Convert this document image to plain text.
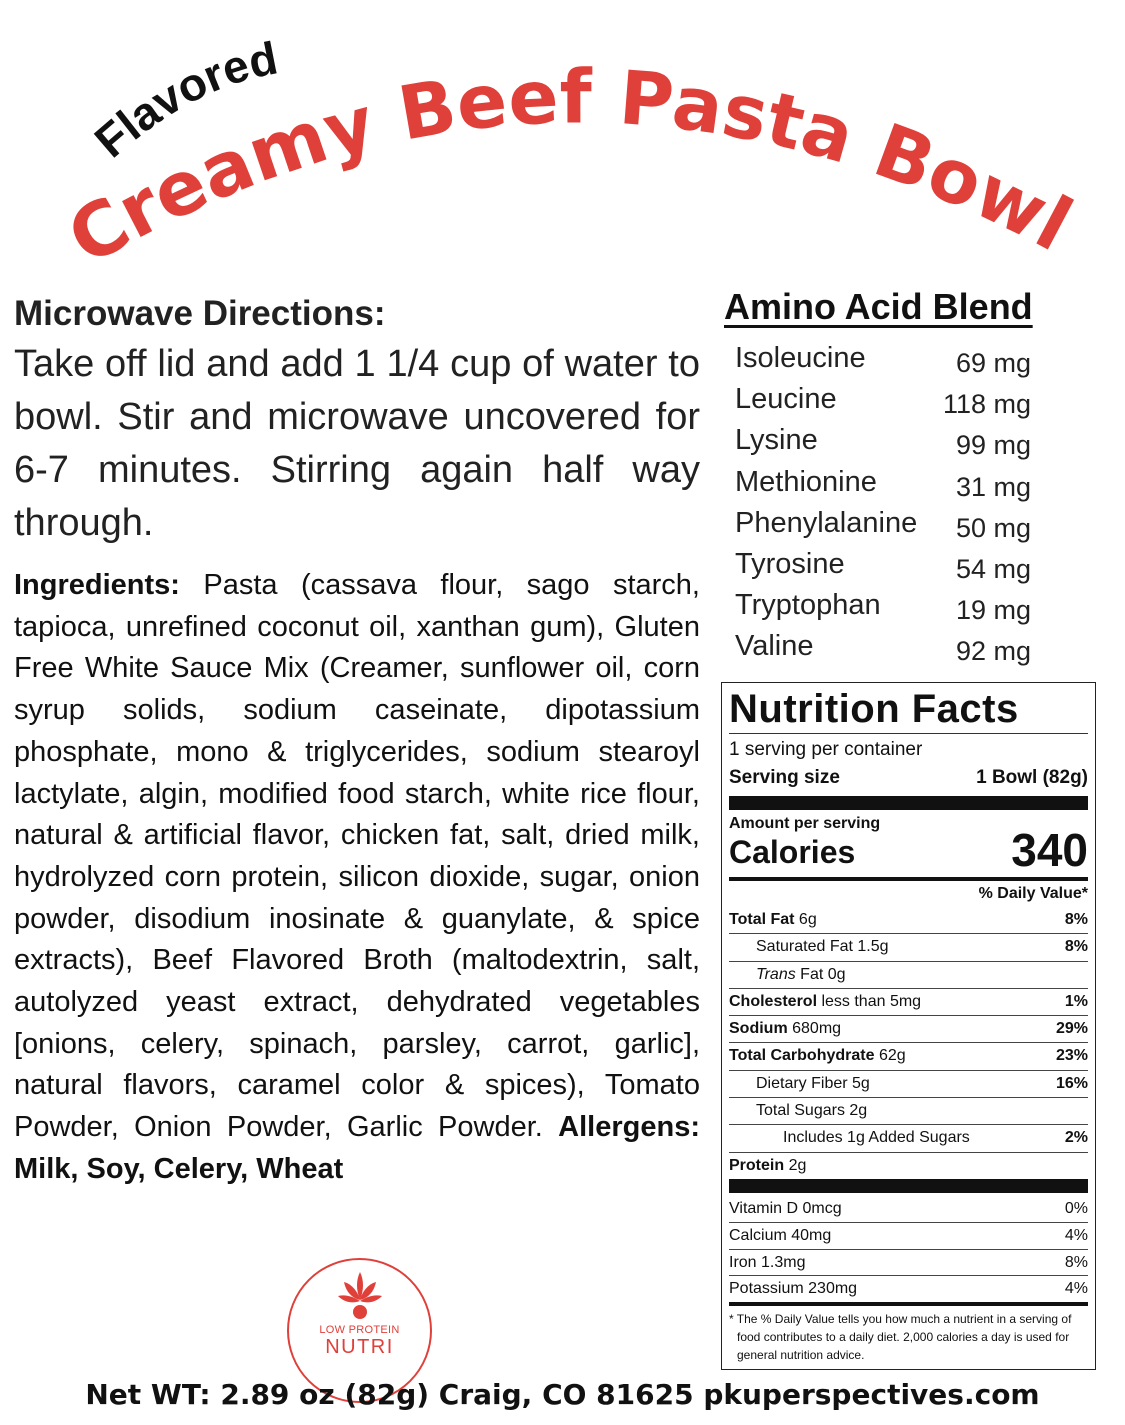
Flavored
Creamy Beef Pasta Bowl
Microwave Directions:
Take off lid and add 1 1/4 cup of water to bowl. Stir and microwave uncovered for 6-7 minutes. Stirring again half way through.
Ingredients: Pasta (cassava flour, sago starch, tapioca, unrefined coconut oil, xanthan gum), Gluten Free White Sauce Mix (Creamer, sunflower oil, corn syrup solids, sodium caseinate, dipotassium phosphate, mono & triglycerides, sodium stearoyl lactylate, algin, modified food starch, white rice flour, natural & artificial flavor, chicken fat, salt, dried milk, hydrolyzed corn protein, silicon dioxide, sugar, onion powder, disodium inosinate & guanylate, & spice extracts), Beef Flavored Broth (maltodextrin, salt, autolyzed yeast extract, dehydrated vegetables [onions, celery, spinach, parsley, carrot, garlic], natural flavors, caramel color & spices), Tomato Powder, Onion Powder, Garlic Powder. Allergens: Milk, Soy, Celery, Wheat
LOW PROTEIN
NUTRI
Amino Acid Blend
Isoleucine	69 mg
Leucine	118 mg
Lysine	99 mg
Methionine	31 mg
Phenylalanine 50 mg
Tyrosine	54 mg
Tryptophan	19 mg
Valine	92 mg
Nutrition Facts
1 serving per container
Serving size	1 Bowl (82g)
Amount per serving
Calories	340
% Daily Value*
Total Fat 6g	8%
Saturated Fat 1.5g	8%
Trans Fat 0g
Cholesterol less than 5mg	1%
Sodium 680mg	29%
Total Carbohydrate 62g	23%
Dietary Fiber 5g	16%
Total Sugars 2g
Includes 1g Added Sugars	2%
Protein 2g
Vitamin D 0mcg	0%
Calcium 40mg	4%
Iron 1.3mg	8%
Potassium 230mg	4%
* The % Daily Value tells you how much a nutrient in a serving of food contributes to a daily diet. 2,000 calories a day is used for general nutrition advice.
Net WT: 2.89 oz (82g) Craig, CO 81625 pkuperspectives.com
